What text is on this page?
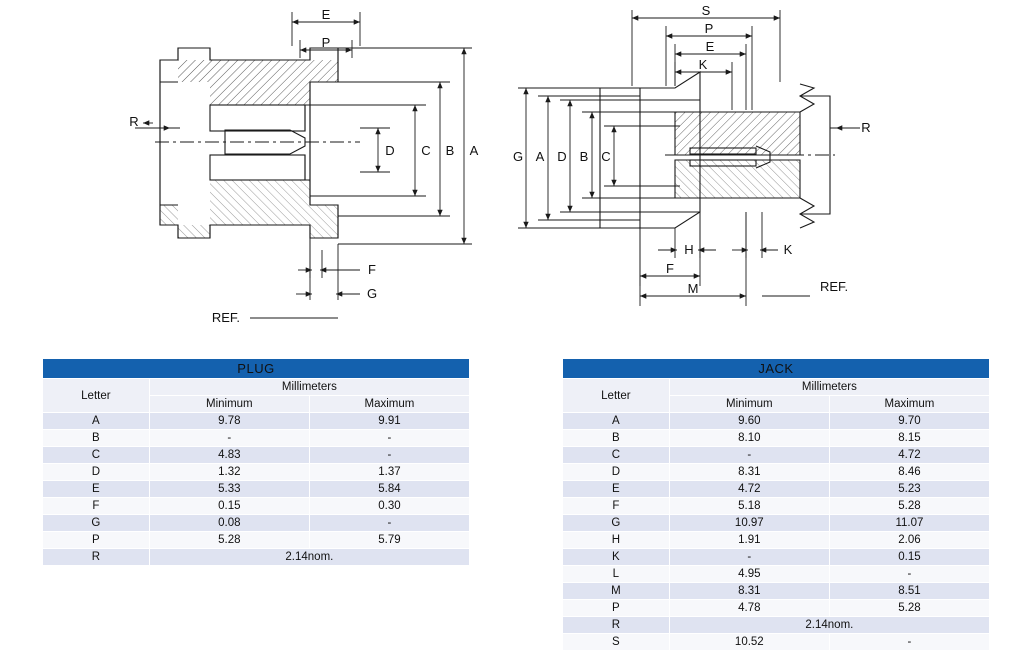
E
P
R
D C B A
F
G
REF.
S
P
E
K
G A D B C
R
H	K
F
M	REF.
PLUG		
Letter	Millimeters	
	Minimum	Maximum
A	9.78	9.91
B	-	-
C	4.83	-
D	1.32	1.37
E	5.33	5.84
F	0.15	0.30
G	0.08	-
P	5.28	5.79
R	2.14nom.	
JACK		
Letter	Millimeters	
	Minimum	Maximum
A	9.60	9.70
B	8.10	8.15
C	-	4.72
D	8.31	8.46
E	4.72	5.23
F	5.18	5.28
G	10.97	11.07
H	1.91	2.06
K	-	0.15
L	4.95	-
M	8.31	8.51
P	4.78	5.28
R	2.14nom.	
S	10.52	-
